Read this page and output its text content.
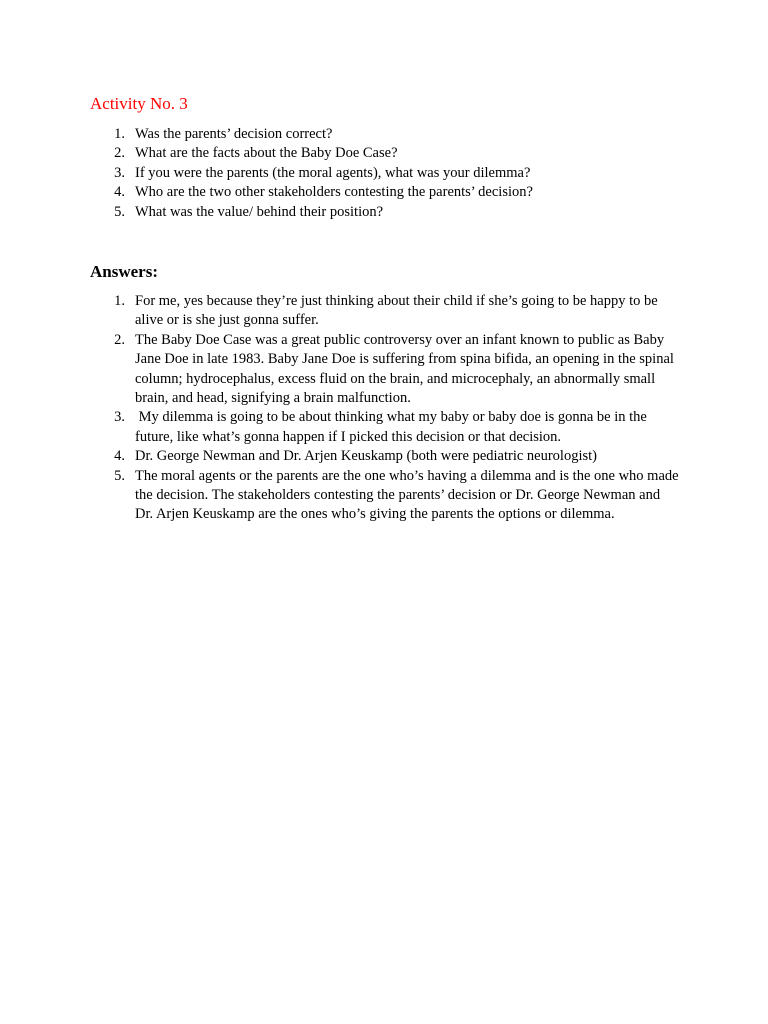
Activity No. 3
1. Was the parents’ decision correct?
2. What are the facts about the Baby Doe Case?
3. If you were the parents (the moral agents), what was your dilemma?
4. Who are the two other stakeholders contesting the parents’ decision?
5. What was the value/ behind their position?
Answers:
1. For me, yes because they’re just thinking about their child if she’s going to be happy to be alive or is she just gonna suffer.
2. The Baby Doe Case was a great public controversy over an infant known to public as Baby Jane Doe in late 1983. Baby Jane Doe is suffering from spina bifida, an opening in the spinal column; hydrocephalus, excess fluid on the brain, and microcephaly, an abnormally small brain, and head, signifying a brain malfunction.
3. My dilemma is going to be about thinking what my baby or baby doe is gonna be in the future, like what’s gonna happen if I picked this decision or that decision.
4. Dr. George Newman and Dr. Arjen Keuskamp (both were pediatric neurologist)
5. The moral agents or the parents are the one who’s having a dilemma and is the one who made the decision. The stakeholders contesting the parents’ decision or Dr. George Newman and Dr. Arjen Keuskamp are the ones who’s giving the parents the options or dilemma.
